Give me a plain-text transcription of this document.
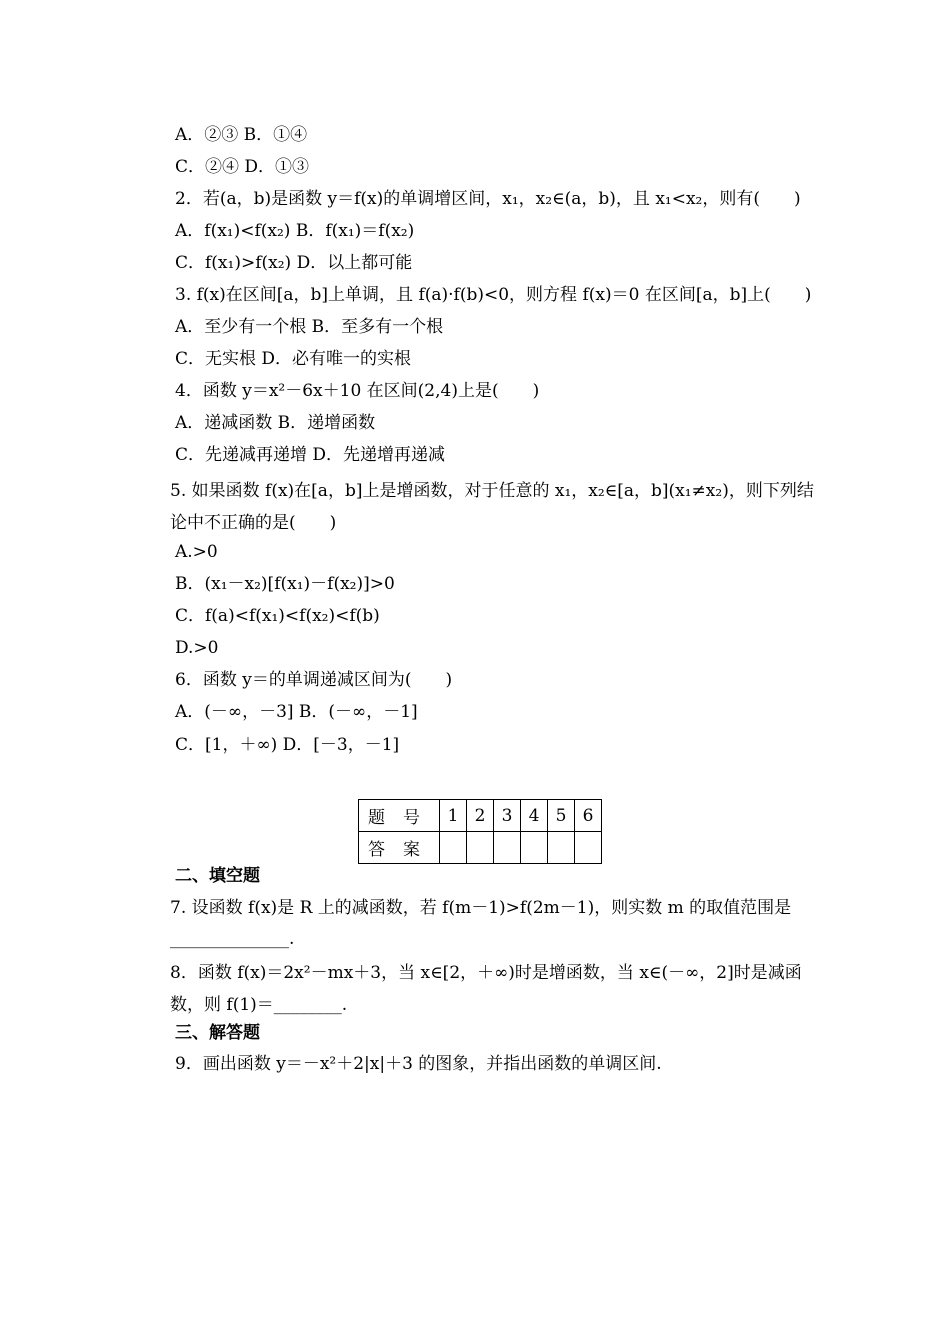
A．②③ B．①④
C．②④ D．①③
2．若(a，b)是函数 y＝f(x)的单调增区间，x₁，x₂∈(a，b)，且 x₁<x₂，则有(　　)
A．f(x₁)<f(x₂) B．f(x₁)＝f(x₂)
C．f(x₁)>f(x₂) D．以上都可能
3. f(x)在区间[a，b]上单调，且 f(a)·f(b)<0，则方程 f(x)＝0 在区间[a，b]上(　　)
A．至少有一个根 B．至多有一个根
C．无实根 D．必有唯一的实根
4．函数 y＝x²－6x＋10 在区间(2,4)上是(　　)
A．递减函数 B．递增函数
C．先递减再递增 D．先递增再递减
5. 如果函数 f(x)在[a，b]上是增函数，对于任意的 x₁，x₂∈[a，b](x₁≠x₂)，则下列结论中不正确的是(　　)
A.>0
B．(x₁－x₂)[f(x₁)－f(x₂)]>0
C．f(a)<f(x₁)<f(x₂)<f(b)
D.>0
6．函数 y＝的单调递减区间为(　　)
A．(－∞，－3] B．(－∞，－1]
C．[1，＋∞) D．[－3，－1]
题号	1	2	3	4	5	6
答案						
二、填空题
7. 设函数 f(x)是 R 上的减函数，若 f(m－1)>f(2m－1)，则实数 m 的取值范围是______________.
8．函数 f(x)＝2x²－mx＋3，当 x∈[2，＋∞)时是增函数，当 x∈(－∞，2]时是减函数，则 f(1)＝________.
三、解答题
9．画出函数 y＝－x²＋2|x|＋3 的图象，并指出函数的单调区间.
